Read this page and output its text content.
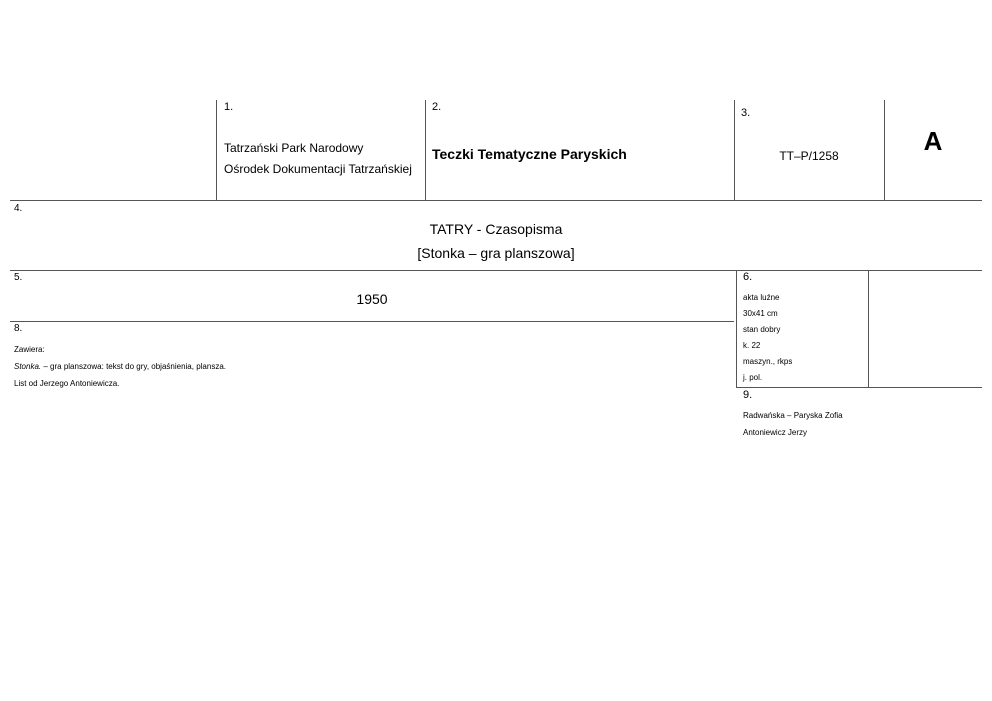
1.
Tatrzański Park Narodowy
Ośrodek Dokumentacji Tatrzańskiej
2.
Teczki Tematyczne Paryskich
3.
TT–P/1258	A
4.
TATRY - Czasopisma
[Stonka – gra planszowa]
5.
1950
6.
akta luźne
30x41 cm
stan dobry
k. 22
maszyn., rkps
j. pol.
8.
Zawiera:
Stonka. – gra planszowa: tekst do gry, objaśnienia, plansza.
List od Jerzego Antoniewicza.
9.
Radwańska – Paryska Zofia
Antoniewicz Jerzy
